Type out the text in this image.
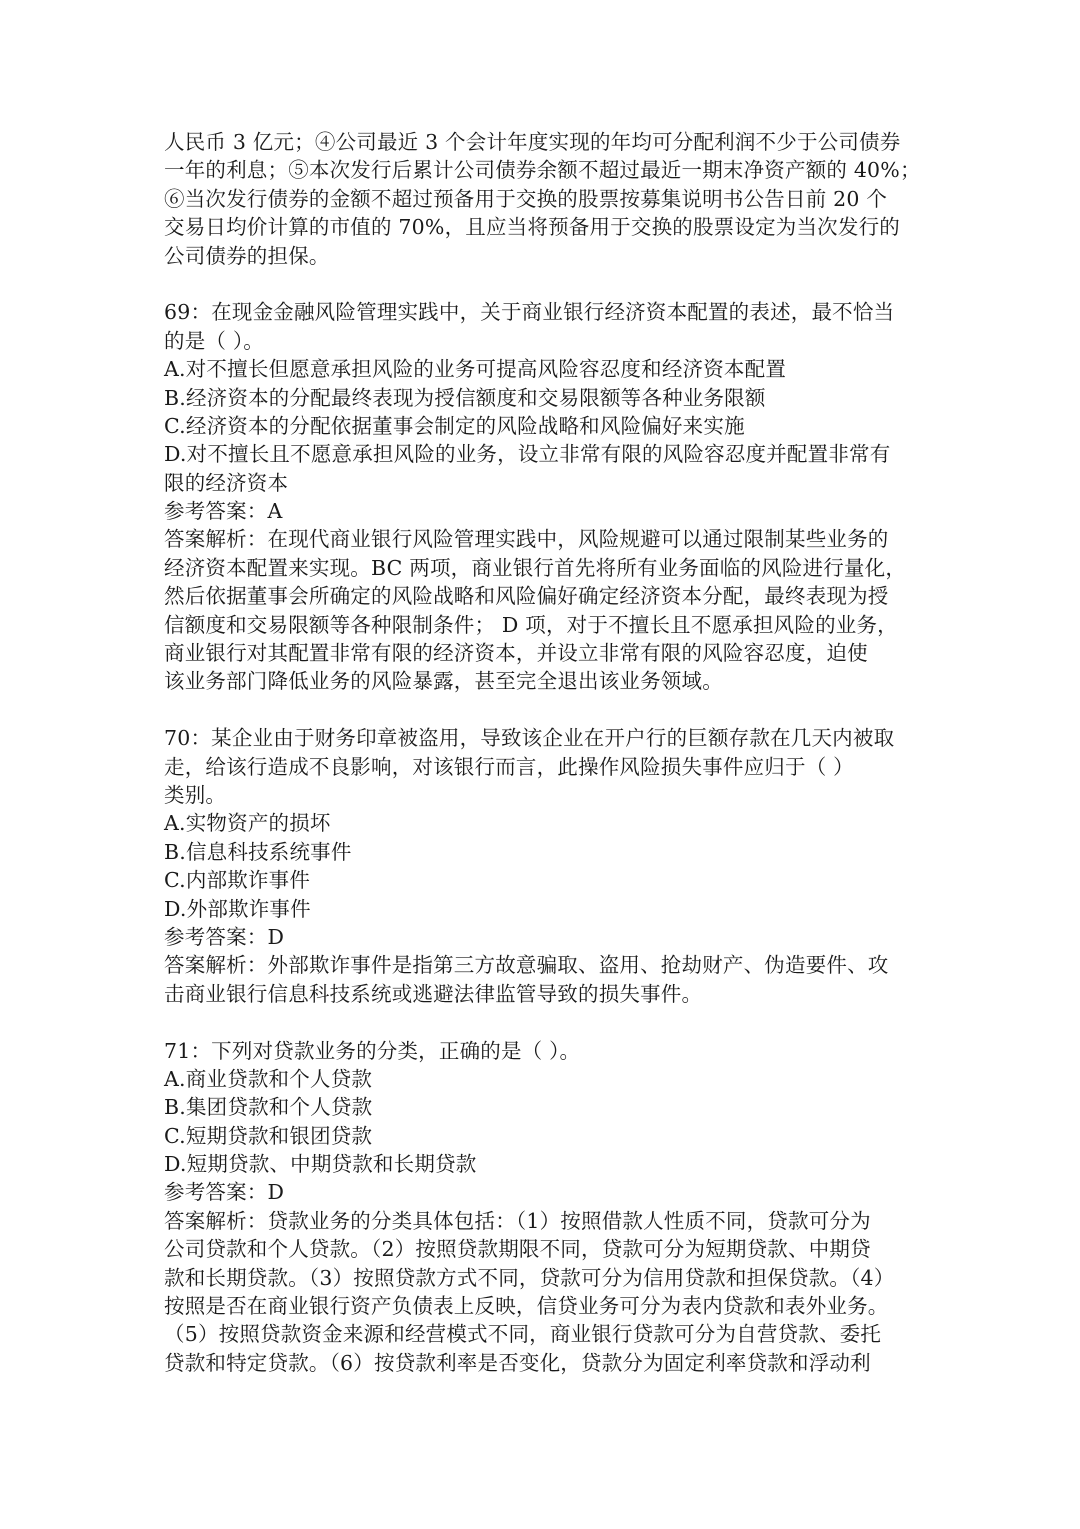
人民币 3 亿元；④公司最近 3 个会计年度实现的年均可分配利润不少于公司债券
一年的利息；⑤本次发行后累计公司债券余额不超过最近一期末净资产额的 40%；
⑥当次发行债券的金额不超过预备用于交换的股票按募集说明书公告日前 20 个
交易日均价计算的市值的 70%，且应当将预备用于交换的股票设定为当次发行的
公司债券的担保。
69：在现金金融风险管理实践中，关于商业银行经济资本配置的表述，最不恰当
的是（ ）。
A.对不擅长但愿意承担风险的业务可提高风险容忍度和经济资本配置
B.经济资本的分配最终表现为授信额度和交易限额等各种业务限额
C.经济资本的分配依据董事会制定的风险战略和风险偏好来实施
D.对不擅长且不愿意承担风险的业务，设立非常有限的风险容忍度并配置非常有
限的经济资本
参考答案：A
答案解析：在现代商业银行风险管理实践中，风险规避可以通过限制某些业务的
经济资本配置来实现。BC 两项，商业银行首先将所有业务面临的风险进行量化，
然后依据董事会所确定的风险战略和风险偏好确定经济资本分配，最终表现为授
信额度和交易限额等各种限制条件； D 项，对于不擅长且不愿承担风险的业务，
商业银行对其配置非常有限的经济资本，并设立非常有限的风险容忍度，迫使
该业务部门降低业务的风险暴露，甚至完全退出该业务领域。
70：某企业由于财务印章被盗用，导致该企业在开户行的巨额存款在几天内被取
走，给该行造成不良影响，对该银行而言，此操作风险损失事件应归于（ ）
类别。
A.实物资产的损坏
B.信息科技系统事件
C.内部欺诈事件
D.外部欺诈事件
参考答案：D
答案解析：外部欺诈事件是指第三方故意骗取、盗用、抢劫财产、伪造要件、攻
击商业银行信息科技系统或逃避法律监管导致的损失事件。
71：下列对贷款业务的分类，正确的是（ ）。
A.商业贷款和个人贷款
B.集团贷款和个人贷款
C.短期贷款和银团贷款
D.短期贷款、中期贷款和长期贷款
参考答案：D
答案解析：贷款业务的分类具体包括：（1）按照借款人性质不同，贷款可分为
公司贷款和个人贷款。（2）按照贷款期限不同，贷款可分为短期贷款、中期贷
款和长期贷款。（3）按照贷款方式不同，贷款可分为信用贷款和担保贷款。（4）
按照是否在商业银行资产负债表上反映，信贷业务可分为表内贷款和表外业务。
（5）按照贷款资金来源和经营模式不同，商业银行贷款可分为自营贷款、委托
贷款和特定贷款。（6）按贷款利率是否变化，贷款分为固定利率贷款和浮动利
